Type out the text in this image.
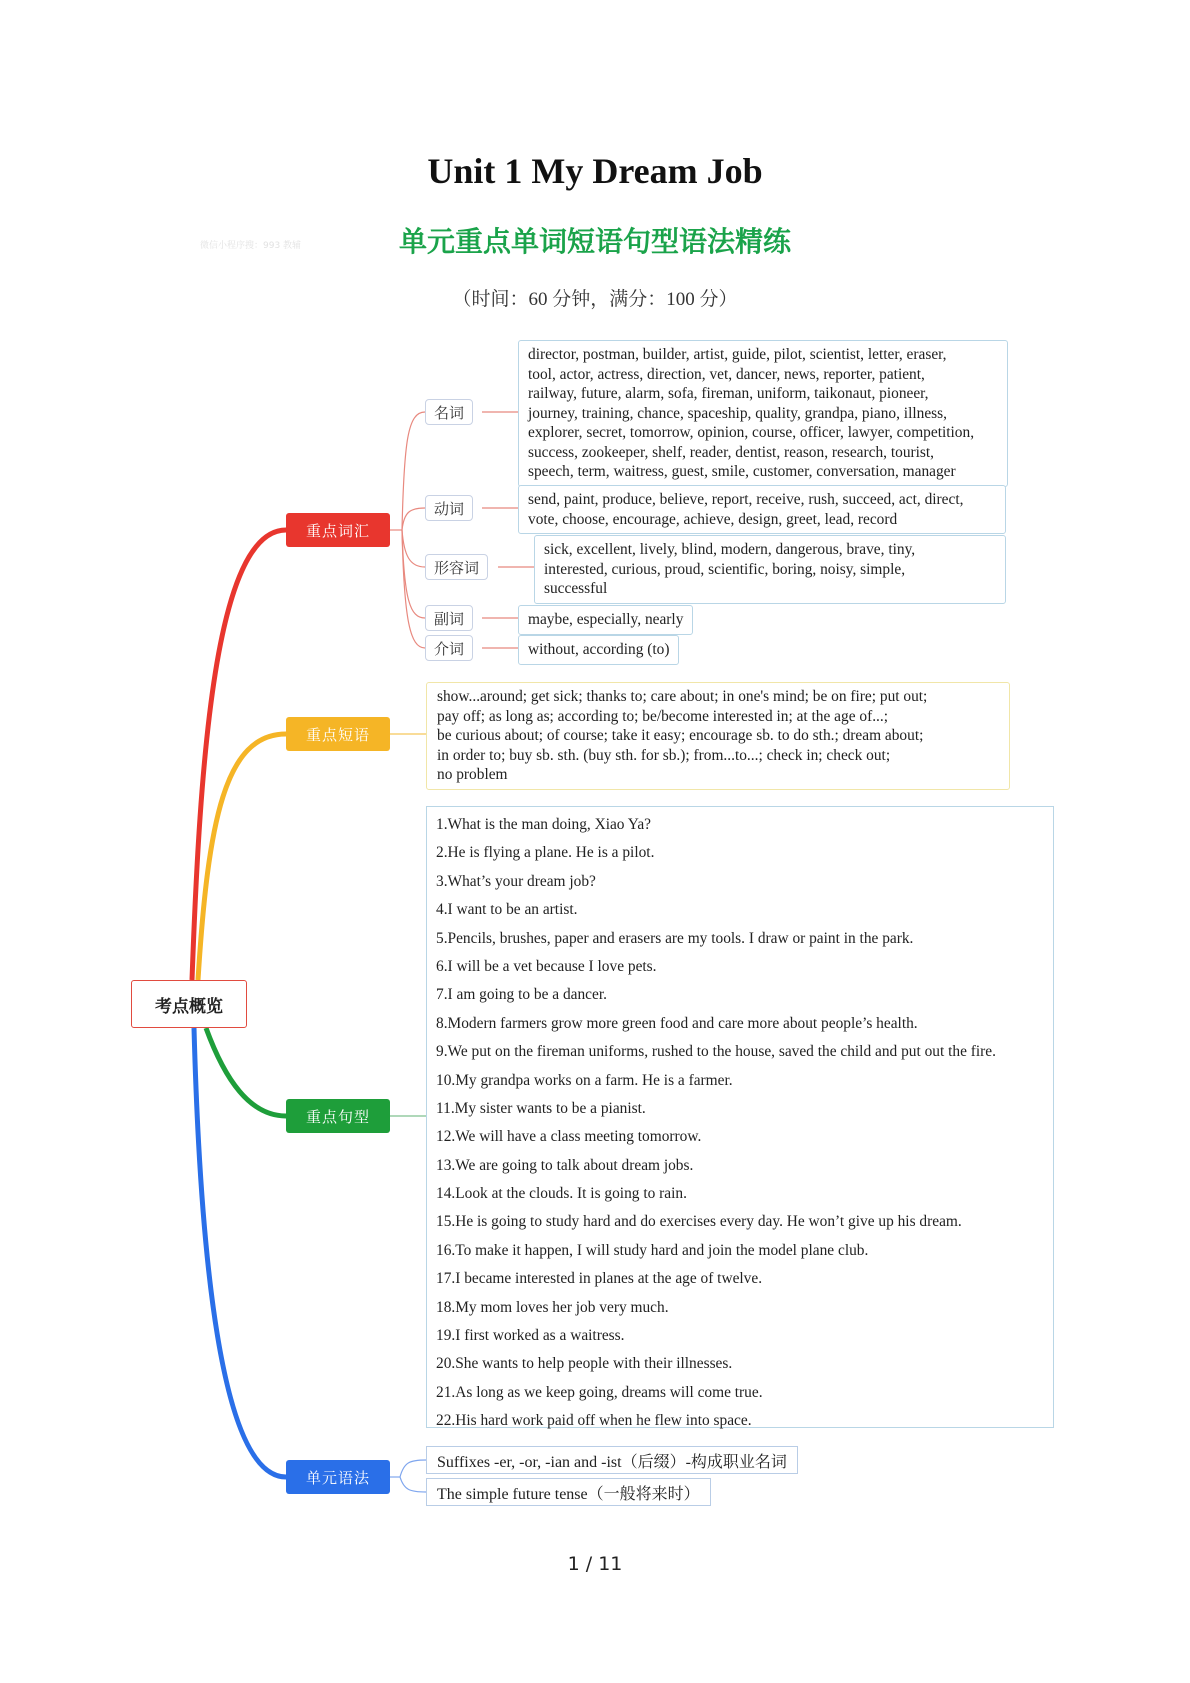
Unit 1 My Dream Job
单元重点单词短语句型语法精练
（时间：60 分钟，满分：100 分）
微信小程序搜：993 教辅
考点概览
重点词汇
重点短语
重点句型
单元语法
名词
动词
形容词
副词
介词
director, postman, builder, artist, guide, pilot, scientist, letter, eraser,
tool, actor, actress, direction, vet, dancer, news, reporter, patient,
railway, future, alarm, sofa, fireman, uniform, taikonaut, pioneer,
journey, training, chance, spaceship, quality, grandpa, piano, illness,
explorer, secret, tomorrow, opinion, course, officer, lawyer, competition,
success, zookeeper, shelf, reader, dentist, reason, research, tourist,
speech, term, waitress, guest, smile, customer, conversation, manager
send, paint, produce, believe, report, receive, rush, succeed, act, direct,
vote, choose, encourage, achieve, design, greet, lead, record
sick, excellent, lively, blind, modern, dangerous, brave, tiny,
interested, curious, proud, scientific, boring, noisy, simple,
successful
maybe, especially, nearly
without, according (to)
show...around; get sick; thanks to; care about; in one's mind; be on fire; put out;
pay off; as long as; according to; be/become interested in; at the age of...;
be curious about; of course; take it easy; encourage sb. to do sth.; dream about;
in order to; buy sb. sth. (buy sth. for sb.); from...to...; check in; check out;
no problem
1.What is the man doing, Xiao Ya?
2.He is flying a plane. He is a pilot.
3.What’s your dream job?
4.I want to be an artist.
5.Pencils, brushes, paper and erasers are my tools. I draw or paint in the park.
6.I will be a vet because I love pets.
7.I am going to be a dancer.
8.Modern farmers grow more green food and care more about people’s health.
9.We put on the fireman uniforms, rushed to the house, saved the child and put out the fire.
10.My grandpa works on a farm. He is a farmer.
11.My sister wants to be a pianist.
12.We will have a class meeting tomorrow.
13.We are going to talk about dream jobs.
14.Look at the clouds. It is going to rain.
15.He is going to study hard and do exercises every day. He won’t give up his dream.
16.To make it happen, I will study hard and join the model plane club.
17.I became interested in planes at the age of twelve.
18.My mom loves her job very much.
19.I first worked as a waitress.
20.She wants to help people with their illnesses.
21.As long as we keep going, dreams will come true.
22.His hard work paid off when he flew into space.
Suffixes -er, -or, -ian and -ist（后缀）-构成职业名词
The simple future tense（一般将来时）
1 / 11
